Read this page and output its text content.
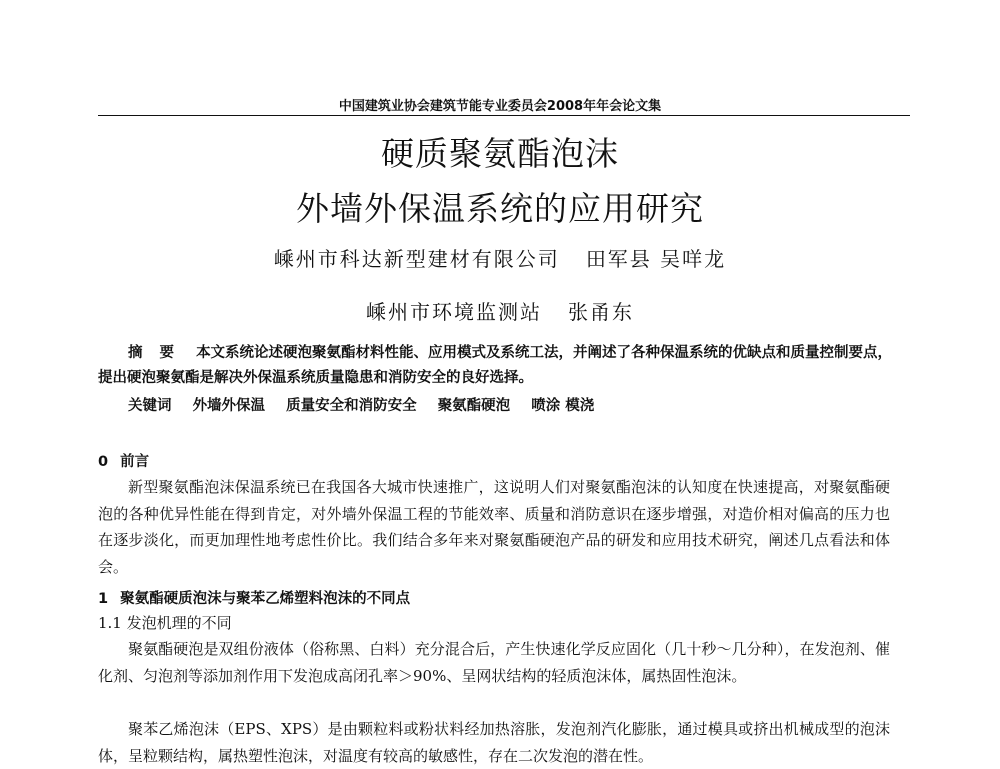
中国建筑业协会建筑节能专业委员会2008年年会论文集
硬质聚氨酯泡沫
外墙外保温系统的应用研究
嵊州市科达新型建材有限公司 田军县 吴咩龙
嵊州市环境监测站 张甬东
摘 要 本文系统论述硬泡聚氨酯材料性能、应用模式及系统工法，并阐述了各种保温系统的优缺点和质量控制要点，提出硬泡聚氨酯是解决外保温系统质量隐患和消防安全的良好选择。
关键词 外墙外保温 质量安全和消防安全 聚氨酯硬泡 喷涂 模浇
0 前言
新型聚氨酯泡沫保温系统已在我国各大城市快速推广，这说明人们对聚氨酯泡沫的认知度在快速提高，对聚氨酯硬泡的各种优异性能在得到肯定，对外墙外保温工程的节能效率、质量和消防意识在逐步增强，对造价相对偏高的压力也在逐步淡化，而更加理性地考虑性价比。我们结合多年来对聚氨酯硬泡产品的研发和应用技术研究，阐述几点看法和体会。
1 聚氨酯硬质泡沫与聚苯乙烯塑料泡沫的不同点
1.1 发泡机理的不同
聚氨酯硬泡是双组份液体（俗称黑、白料）充分混合后，产生快速化学反应固化（几十秒～几分种），在发泡剂、催化剂、匀泡剂等添加剂作用下发泡成高闭孔率＞90%、呈网状结构的轻质泡沫体，属热固性泡沫。
聚苯乙烯泡沫（EPS、XPS）是由颗粒料或粉状料经加热溶胀，发泡剂汽化膨胀，通过模具或挤出机械成型的泡沫体，呈粒颗结构，属热塑性泡沫，对温度有较高的敏感性，存在二次发泡的潜在性。
